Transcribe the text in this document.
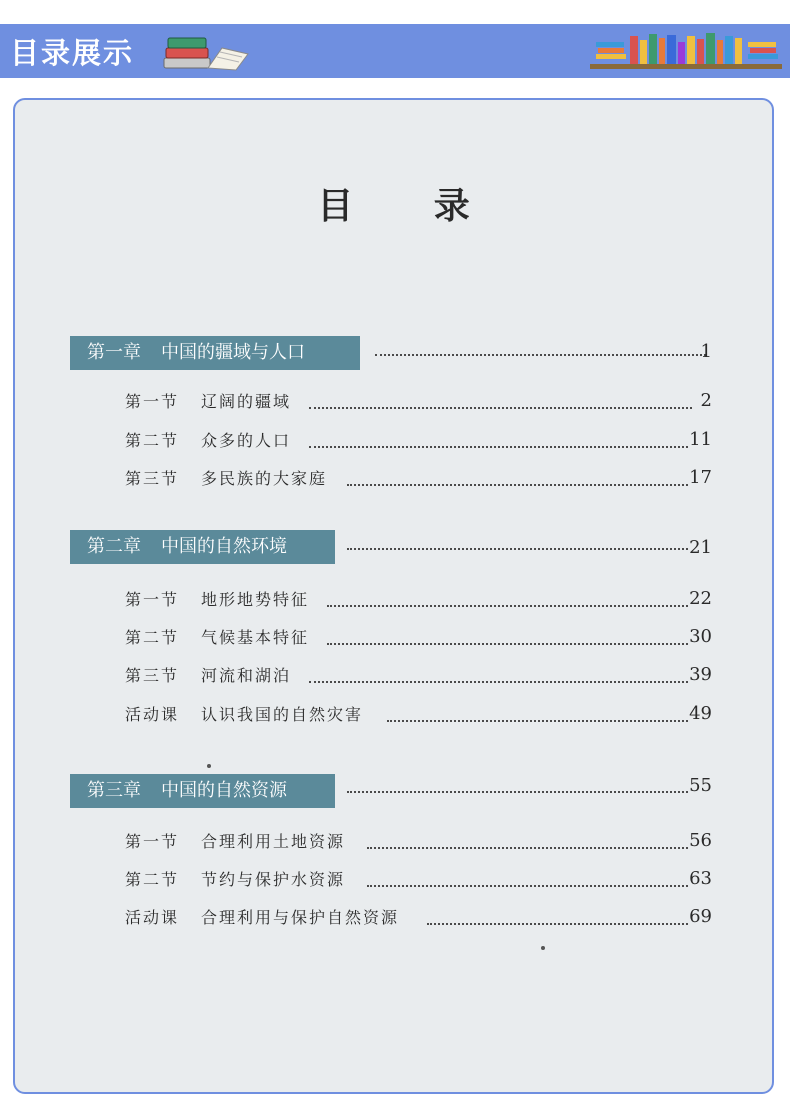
目录展示
目 录
第一章 中国的疆域与人口	1
第一节 辽阔的疆域	2
第二节 众多的人口	11
第三节 多民族的大家庭	17
第二章 中国的自然环境	21
第一节 地形地势特征	22
第二节 气候基本特征	30
第三节 河流和湖泊	39
活动课 认识我国的自然灾害	49
第三章 中国的自然资源	55
第一节 合理利用土地资源	56
第二节 节约与保护水资源	63
活动课 合理利用与保护自然资源	69
